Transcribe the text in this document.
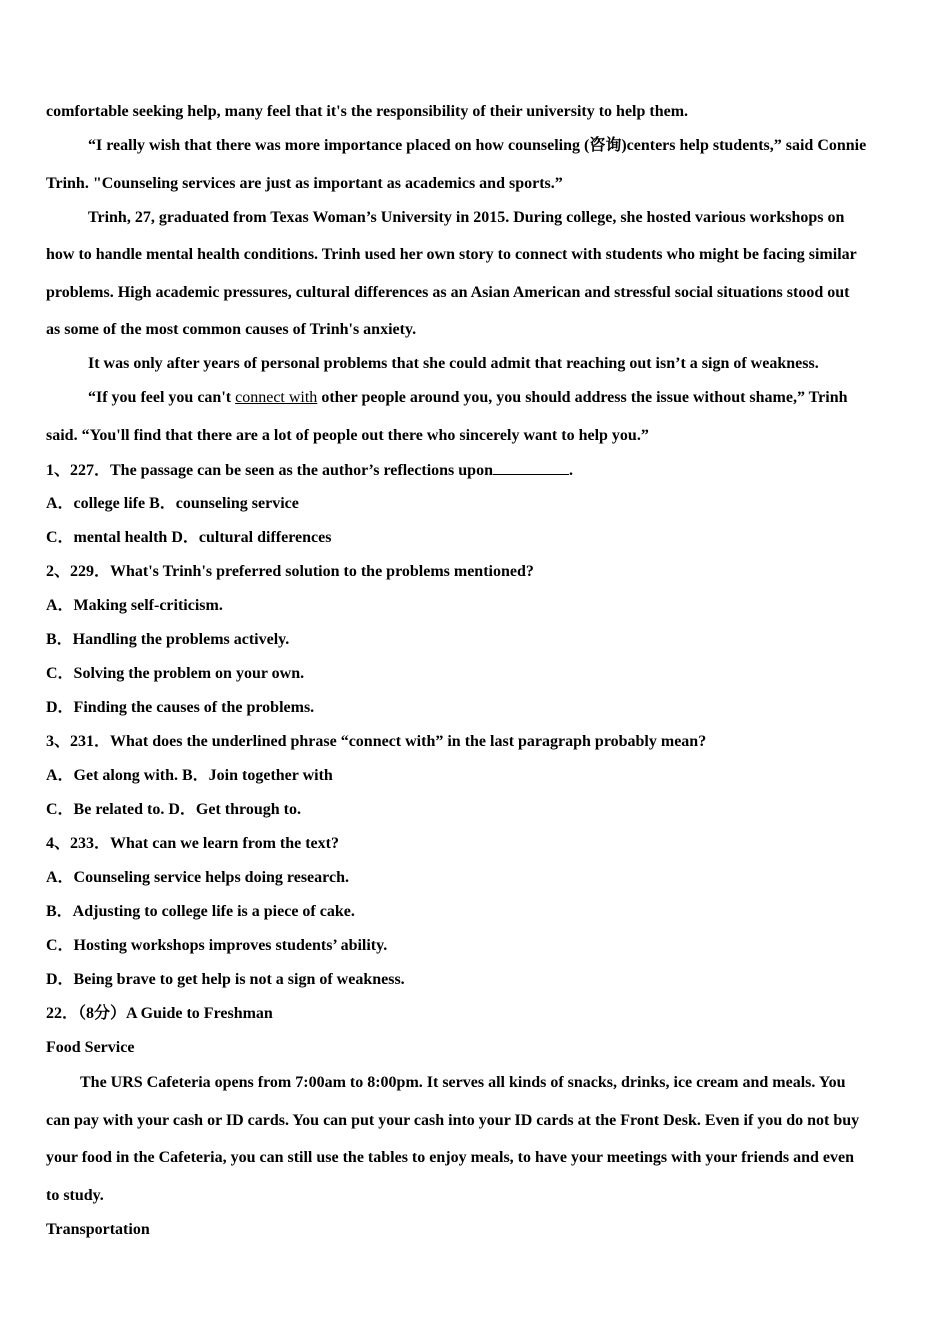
comfortable seeking help, many feel that it's the responsibility of their university to help them.
“I really wish that there was more importance placed on how counseling (咨询)centers help students,” said Connie
Trinh. "Counseling services are just as important as academics and sports.”
Trinh, 27, graduated from Texas Woman’s University in 2015. During college, she hosted various workshops on
how to handle mental health conditions. Trinh used her own story to connect with students who might be facing similar
problems. High academic pressures, cultural differences as an Asian American and stressful social situations stood out
as some of the most common causes of Trinh's anxiety.
It was only after years of personal problems that she could admit that reaching out isn’t a sign of weakness.
“If you feel you can't connect with other people around you, you should address the issue without shame,” Trinh
said. “You'll find that there are a lot of people out there who sincerely want to help you.”
1、227．The passage can be seen as the author’s reflections upon	.
A．college life B．counseling service
C．mental health D．cultural differences
2、229．What's Trinh's preferred solution to the problems mentioned?
A．Making self-criticism.
B．Handling the problems actively.
C．Solving the problem on your own.
D．Finding the causes of the problems.
3、231．What does the underlined phrase “connect with” in the last paragraph probably mean?
A．Get along with. B．Join together with
C．Be related to. D．Get through to.
4、233．What can we learn from the text?
A．Counseling service helps doing research.
B．Adjusting to college life is a piece of cake.
C．Hosting workshops improves students’ ability.
D．Being brave to get help is not a sign of weakness.
22．（8分）A Guide to Freshman
Food Service
The URS Cafeteria opens from 7:00am to 8:00pm. It serves all kinds of snacks, drinks, ice cream and meals. You
can pay with your cash or ID cards. You can put your cash into your ID cards at the Front Desk. Even if you do not buy
your food in the Cafeteria, you can still use the tables to enjoy meals, to have your meetings with your friends and even
to study.
Transportation
